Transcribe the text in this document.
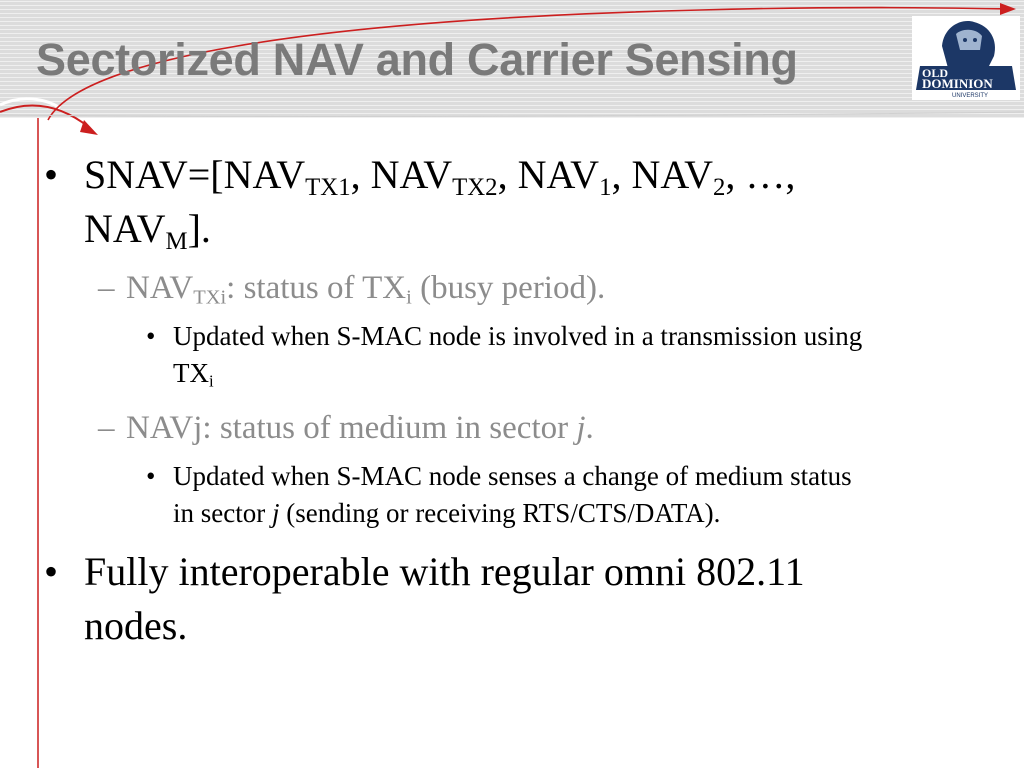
Sectorized NAV and Carrier Sensing	OLD
DOMINION
UNIVERSITY
• $SNAV=[NAV_{TX1}$, $NAV_{TX2}$, $NAV_1$, $NAV_2$, …,

$NAV_M$].

– $NAV_{TXi}$: status of $TX_i$ (busy period).

• Updated when S-MAC node is involved in a transmission using

$TX_i$

– NAVj: status of medium in sector j.

• Updated when S-MAC node senses a change of medium status

in sector j (sending or receiving RTS/CTS/DATA).

• Fully interoperable with regular omni 802.11

nodes.
